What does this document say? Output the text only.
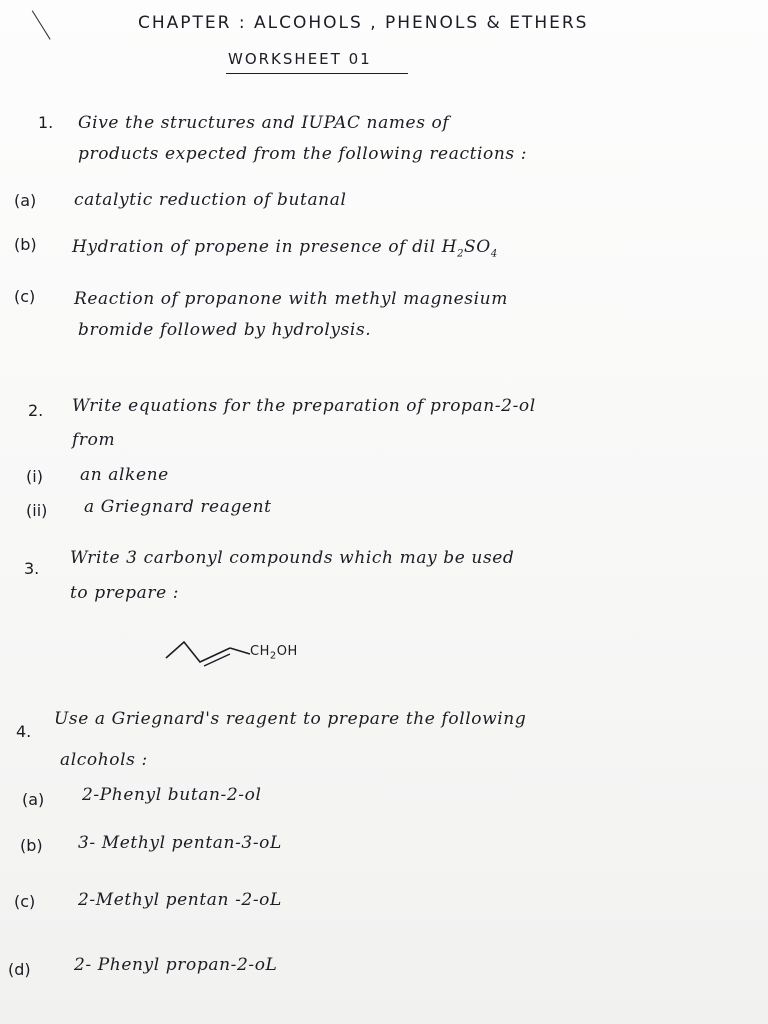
CHAPTER : ALCOHOLS , PHENOLS & ETHERS
WORKSHEET 01
1. Give the structures and IUPAC names of
products expected from the following reactions :
(a) catalytic reduction of butanal
(b) Hydration of propene in presence of dil $H_2SO_4$
(c) Reaction of propanone with methyl magnesium
bromide followed by hydrolysis.
2. Write equations for the preparation of propan-2-ol
from
(i) an alkene
(ii) a Griegnard reagent
3.
Write 3 carbonyl compounds which may be used
to prepare :
$CH_2OH$
4.
Use a Griegnard's reagent to prepare the following
alcohols :
(a) 2-Phenyl butan-2-ol
(b) 3- Methyl pentan-3-oL
(c)	2-Methyl pentan -2-oL
(d)	2- Phenyl propan-2-oL
